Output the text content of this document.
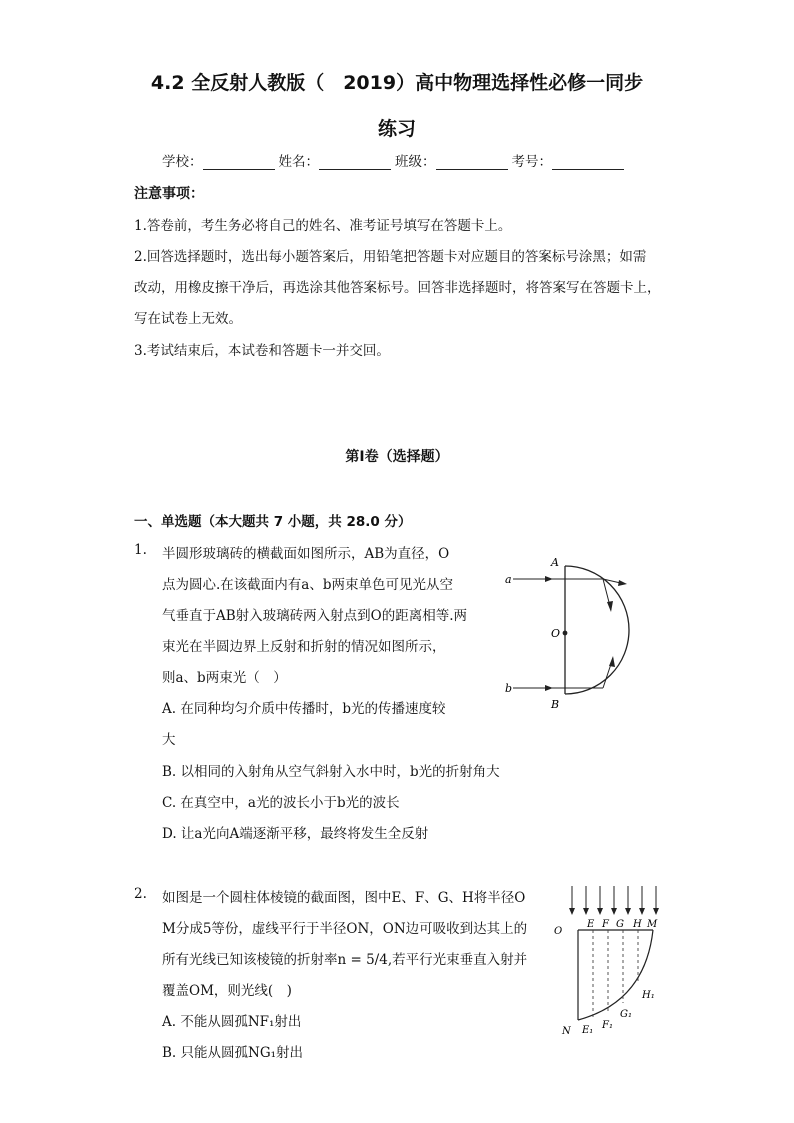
4.2 全反射人教版（　2019）高中物理选择性必修一同步
练习
学校：	姓名：	班级：	考号：
注意事项：
1.答卷前，考生务必将自己的姓名、准考证号填写在答题卡上。
2.回答选择题时，选出每小题答案后，用铅笔把答题卡对应题目的答案标号涂黑；如需
改动，用橡皮擦干净后，再选涂其他答案标号。回答非选择题时，将答案写在答题卡上，
写在试卷上无效。
3.考试结束后，本试卷和答题卡一并交回。
第Ⅰ卷（选择题）
一、单选题（本大题共 7 小题，共 28.0 分）
1. 半圆形玻璃砖的横截面如图所示，AB为直径，O
点为圆心.在该截面内有a、b两束单色可见光从空
气垂直于AB射入玻璃砖两入射点到O的距离相等.两
束光在半圆边界上反射和折射的情况如图所示，
则a、b两束光（　）
A. 在同种均匀介质中传播时，b光的传播速度较
大
B. 以相同的入射角从空气斜射入水中时，b光的折射角大
C. 在真空中，a光的波长小于b光的波长
D. 让a光向A端逐渐平移，最终将发生全反射
a
b
A
B
O
2. 如图是一个圆柱体棱镜的截面图，图中E、F、G、H将半径O
M分成5等份，虚线平行于半径ON，ON边可吸收到达其上的
所有光线已知该棱镜的折射率n = 5/4,若平行光束垂直入射并
覆盖OM，则光线(　)
A. 不能从圆孤NF₁射出
B. 只能从圆孤NG₁射出
O
E F G H M
N E₁ F₁
G₁
H₁
